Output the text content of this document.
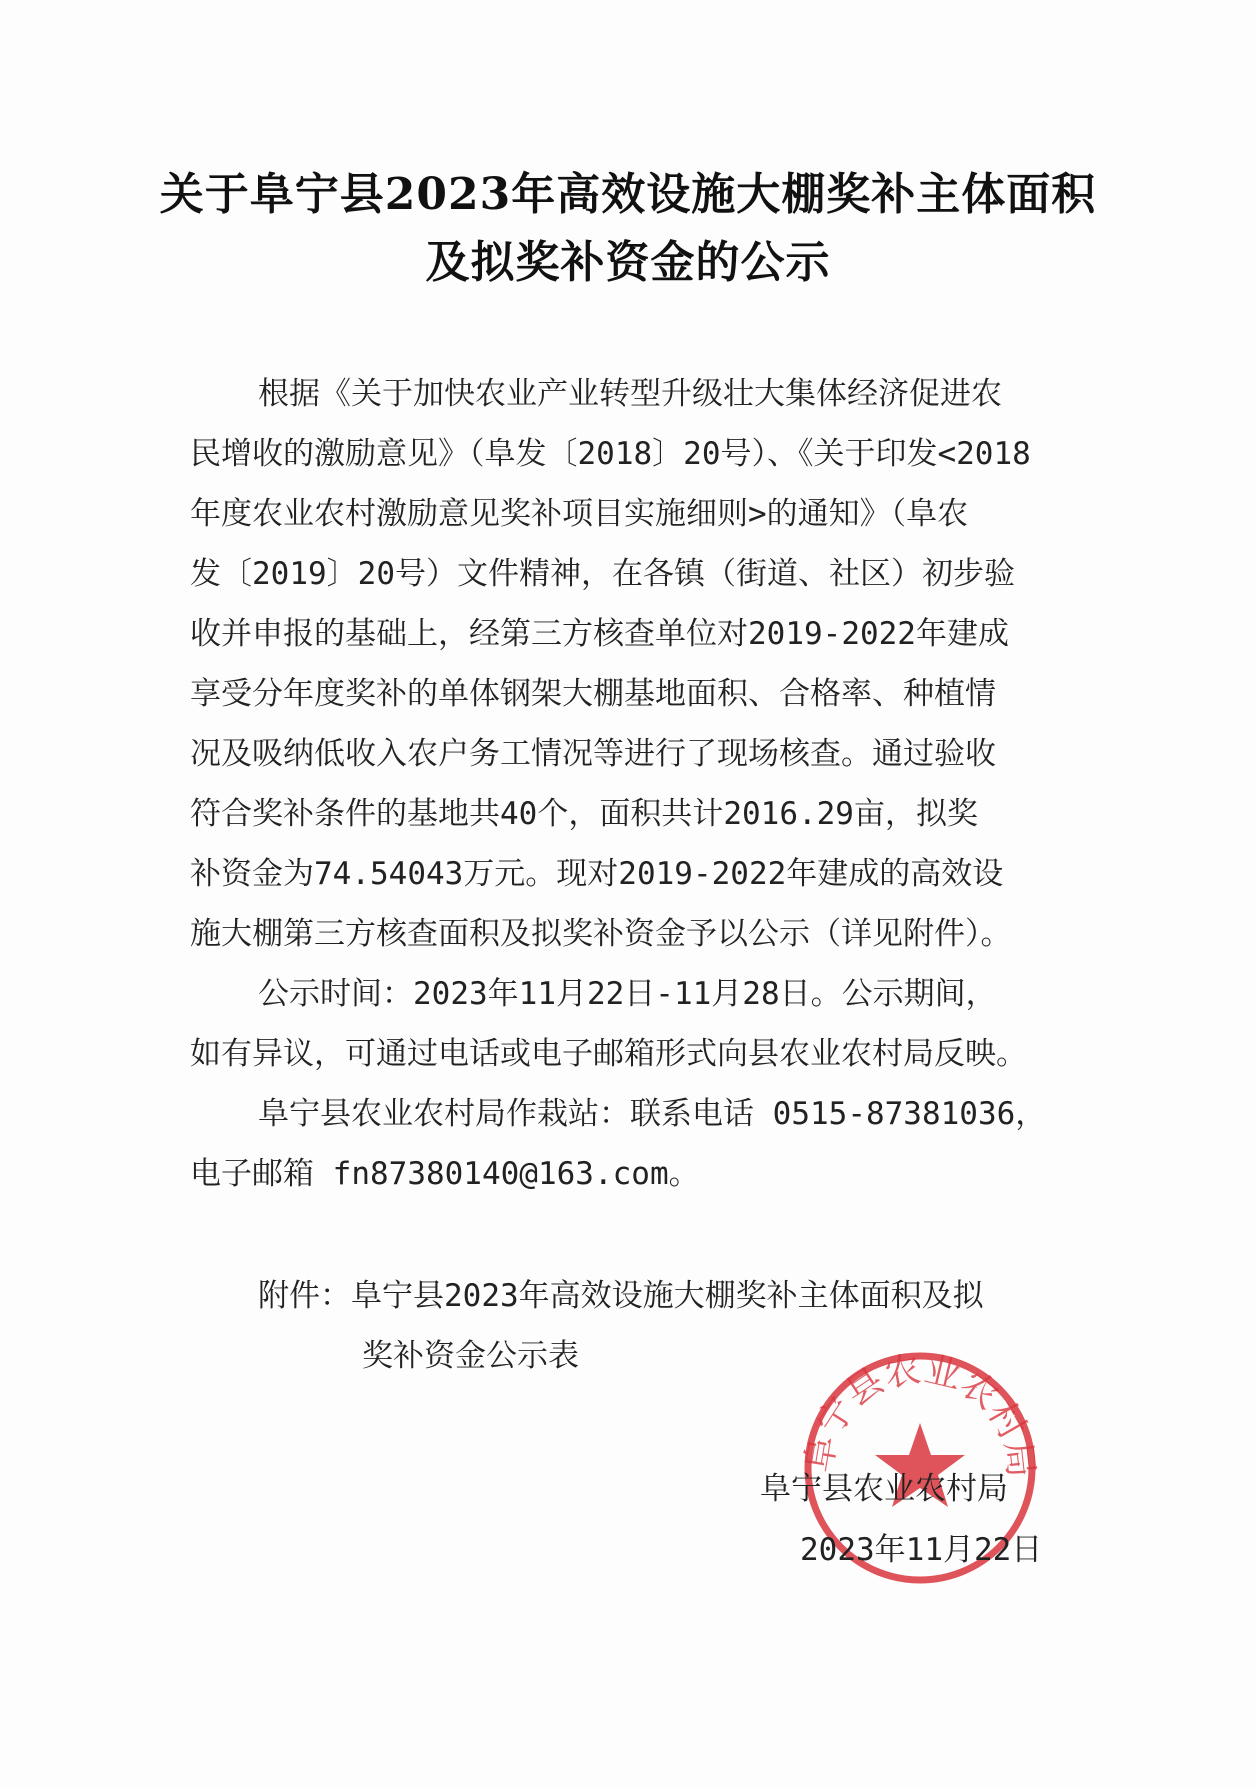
关于阜宁县2023年高效设施大棚奖补主体面积
及拟奖补资金的公示
根据《关于加快农业产业转型升级壮大集体经济促进农
民增收的激励意见》（阜发〔2018〕20号）、《关于印发<2018
年度农业农村激励意见奖补项目实施细则>的通知》（阜农
发〔2019〕20号）文件精神，在各镇（街道、社区）初步验
收并申报的基础上，经第三方核查单位对2019-2022年建成
享受分年度奖补的单体钢架大棚基地面积、合格率、种植情
况及吸纳低收入农户务工情况等进行了现场核查。通过验收
符合奖补条件的基地共40个，面积共计2016.29亩，拟奖
补资金为74.54043万元。现对2019-2022年建成的高效设
施大棚第三方核查面积及拟奖补资金予以公示（详见附件）。
公示时间：2023年11月22日-11月28日。公示期间，
如有异议，可通过电话或电子邮箱形式向县农业农村局反映。
阜宁县农业农村局作栽站：联系电话 0515-87381036，
电子邮箱 fn87380140@163.com。
附件：阜宁县2023年高效设施大棚奖补主体面积及拟
奖补资金公示表
阜宁县农业农村局
阜宁县农业农村局
2023年11月22日
